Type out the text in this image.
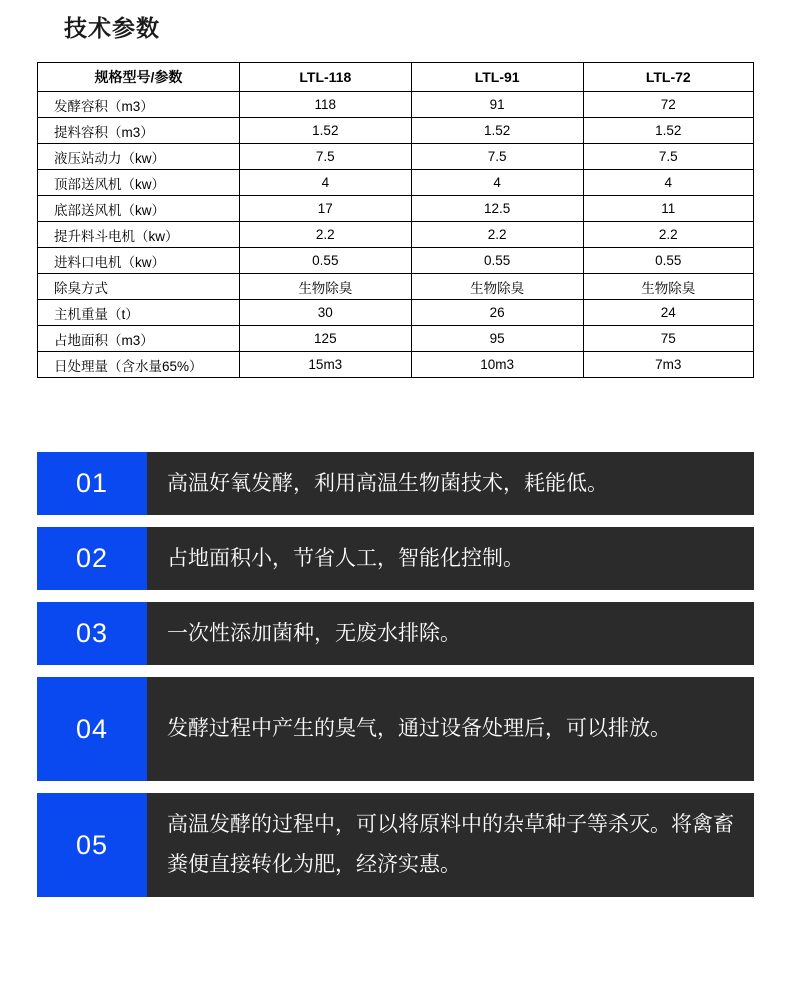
技术参数
规格型号/参数	LTL-118	LTL-91	LTL-72
发酵容积（m3）	118	91	72
提料容积（m3）	1.52	1.52	1.52
液压站动力（kw）	7.5	7.5	7.5
顶部送风机（kw）	4	4	4
底部送风机（kw）	17	12.5	11
提升料斗电机（kw）	2.2	2.2	2.2
进料口电机（kw）	0.55	0.55	0.55
除臭方式	生物除臭	生物除臭	生物除臭
主机重量（t）	30	26	24
占地面积（m3）	125	95	75
日处理量（含水量65%）	15m3	10m3	7m3
01	高温好氧发酵，利用高温生物菌技术，耗能低。
02	占地面积小，节省人工，智能化控制。
03	一次性添加菌种，无废水排除。
04	发酵过程中产生的臭气，通过设备处理后，可以排放。
05
高温发酵的过程中，可以将原料中的杂草种子等杀灭。将禽畜粪便直接转化为肥，经济实惠。
